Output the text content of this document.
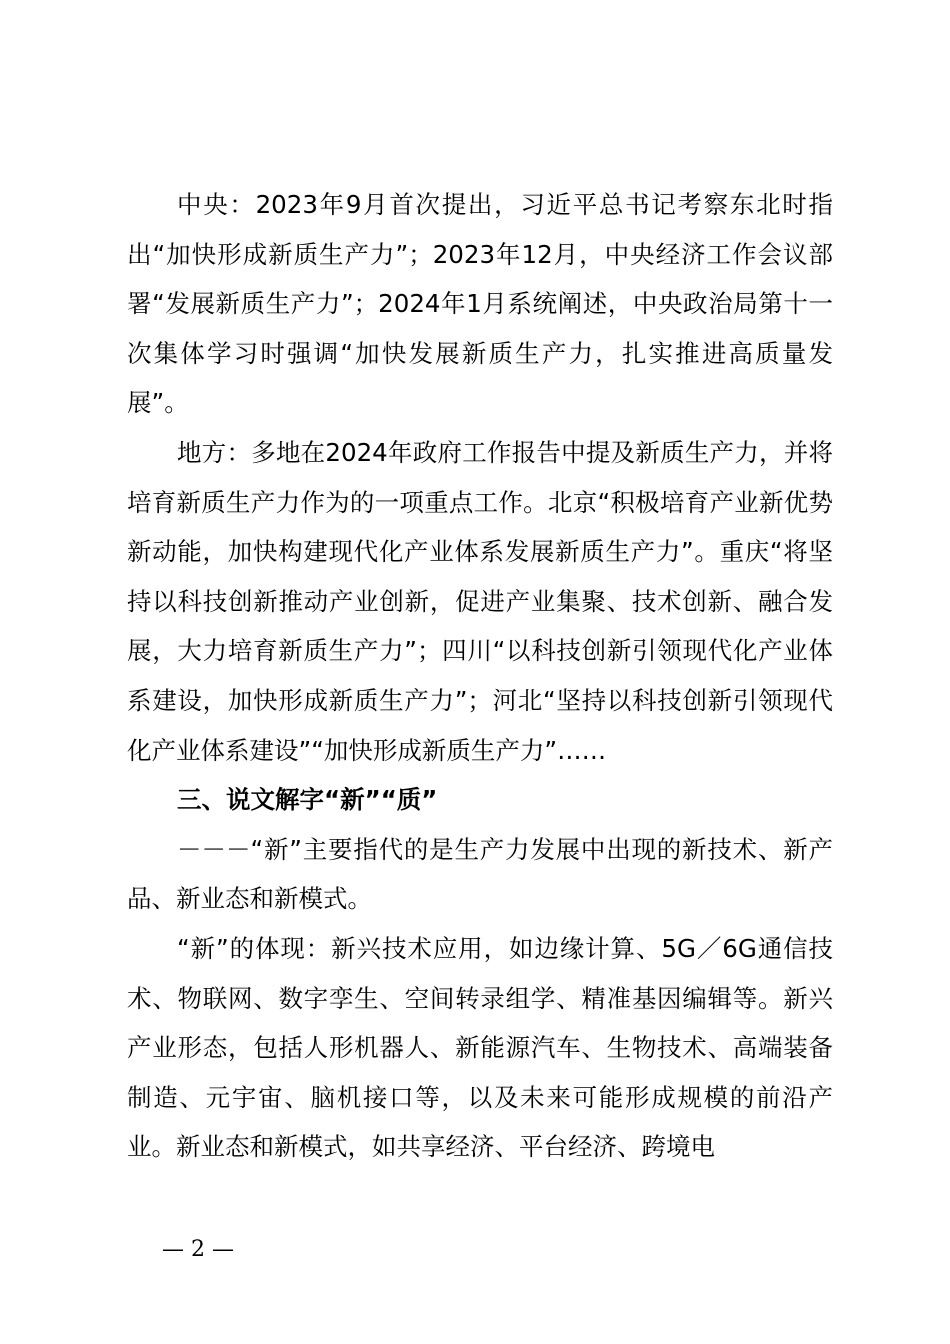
中央：2023年9月首次提出，习近平总书记考察东北时指出“加快形成新质生产力”；2023年12月，中央经济工作会议部署“发展新质生产力”；2024年1月系统阐述，中央政治局第十一次集体学习时强调“加快发展新质生产力，扎实推进高质量发展”。

地方：多地在2024年政府工作报告中提及新质生产力，并将培育新质生产力作为的一项重点工作。北京“积极培育产业新优势新动能，加快构建现代化产业体系发展新质生产力”。重庆“将坚持以科技创新推动产业创新，促进产业集聚、技术创新、融合发展，大力培育新质生产力”；四川“以科技创新引领现代化产业体系建设，加快形成新质生产力”；河北“坚持以科技创新引领现代化产业体系建设”“加快形成新质生产力”……

三、说文解字“新”“质”

－－－“新”主要指代的是生产力发展中出现的新技术、新产品、新业态和新模式。

“新”的体现：新兴技术应用，如边缘计算、5G／6G通信技术、物联网、数字孪生、空间转录组学、精准基因编辑等。新兴产业形态，包括人形机器人、新能源汽车、生物技术、高端装备制造、元宇宙、脑机接口等，以及未来可能形成规模的前沿产业。新业态和新模式，如共享经济、平台经济、跨境电

— 2 —
